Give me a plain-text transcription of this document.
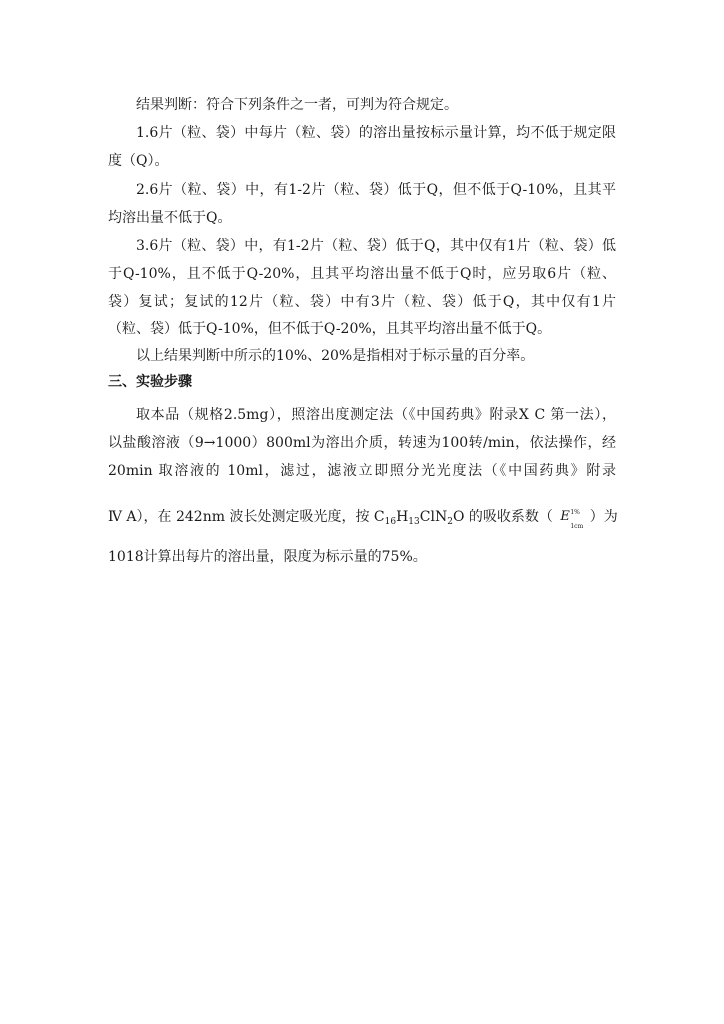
结果判断：符合下列条件之一者，可判为符合规定。
1.6片（粒、袋）中每片（粒、袋）的溶出量按标示量计算，均不低于规定限
度（Q）。
2.6片（粒、袋）中，有1-2片（粒、袋）低于Q，但不低于Q-10%，且其平
均溶出量不低于Q。
3.6片（粒、袋）中，有1-2片（粒、袋）低于Q，其中仅有1片（粒、袋）低
于Q-10%，且不低于Q-20%，且其平均溶出量不低于Q时，应另取6片（粒、
袋）复试；复试的12片（粒、袋）中有3片（粒、袋）低于Q，其中仅有1片
（粒、袋）低于Q-10%，但不低于Q-20%，且其平均溶出量不低于Q。
以上结果判断中所示的10%、20%是指相对于标示量的百分率。
三、实验步骤
取本品（规格2.5mg），照溶出度测定法（《中国药典》附录Ⅹ C 第一法），
以盐酸溶液（9→1000）800ml为溶出介质，转速为100转/min，依法操作，经
20min 取溶液的 10ml，滤过，滤液立即照分光光度法（《中国药典》附录
Ⅳ A），在 242nm 波长处测定吸光度，按 $C_{16}H_{13}ClN_2O$ 的吸收系数（ E 1%
1cm
）为
1018计算出每片的溶出量，限度为标示量的75%。
